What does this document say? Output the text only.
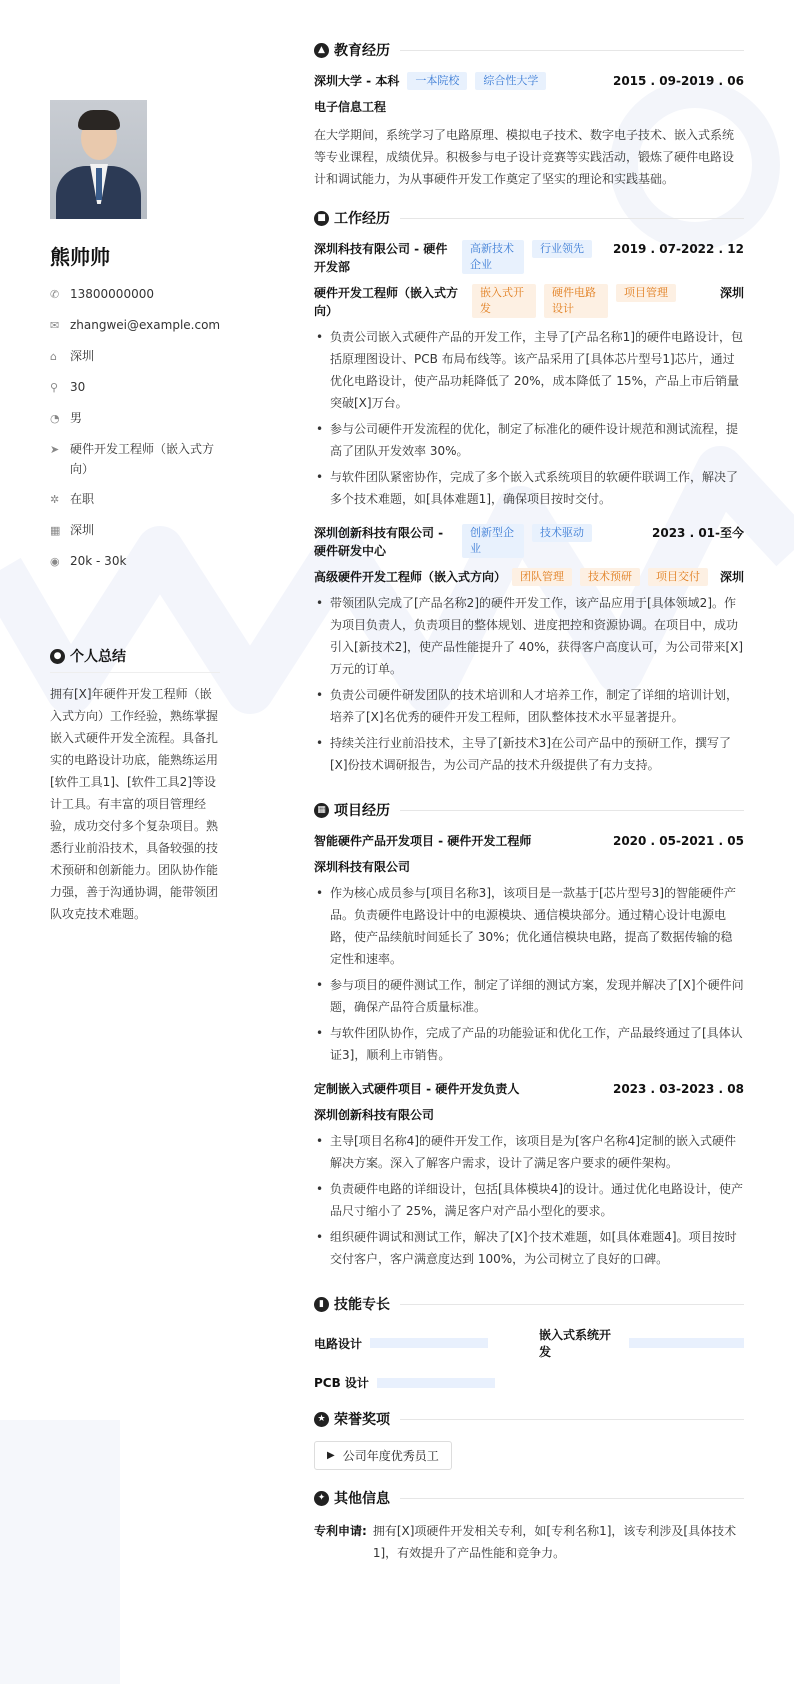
熊帅帅
✆ 13800000000
✉ zhangwei@example.com
⌂	深圳
⚲ 30
◔ 男
➤ 硬件开发工程师（嵌入式方向）
✲ 在职
▦ 深圳
◉ 20k - 30k
● 个人总结
拥有[X]年硬件开发工程师（嵌入式方向）工作经验，熟练掌握嵌入式硬件开发全流程。具备扎实的电路设计功底，能熟练运用[软件工具1]、[软件工具2]等设计工具。有丰富的项目管理经验，成功交付多个复杂项目。熟悉行业前沿技术，具备较强的技术预研和创新能力。团队协作能力强，善于沟通协调，能带领团队攻克技术难题。
▲ 教育经历
深圳大学 - 本科	一本院校	综合性大学	2015 . 09-2019 . 06
电子信息工程
在大学期间，系统学习了电路原理、模拟电子技术、数字电子技术、嵌入式系统等专业课程，成绩优异。积极参与电子设计竞赛等实践活动，锻炼了硬件电路设计和调试能力，为从事硬件开发工作奠定了坚实的理论和实践基础。
■ 工作经历
深圳科技有限公司 - 硬件开发部
高新技术企业
行业领先	2019 . 07-2022 . 12
硬件开发工程师（嵌入式方向）
嵌入式开发
硬件电路设计
项目管理	深圳
• 负责公司嵌入式硬件产品的开发工作，主导了[产品名称1]的硬件电路设计，包括原理图设计、PCB 布局布线等。该产品采用了[具体芯片型号1]芯片，通过优化电路设计，使产品功耗降低了 20%，成本降低了 15%，产品上市后销量突破[X]万台。
• 参与公司硬件开发流程的优化，制定了标准化的硬件设计规范和测试流程，提高了团队开发效率 30%。
• 与软件团队紧密协作，完成了多个嵌入式系统项目的软硬件联调工作，解决了多个技术难题，如[具体难题1]，确保项目按时交付。
深圳创新科技有限公司 - 硬件研发中心
创新型企业
技术驱动	2023 . 01-至今
高级硬件开发工程师（嵌入式方向）	团队管理	技术预研	项目交付	深圳
• 带领团队完成了[产品名称2]的硬件开发工作，该产品应用于[具体领域2]。作为项目负责人，负责项目的整体规划、进度把控和资源协调。在项目中，成功引入[新技术2]，使产品性能提升了 40%，获得客户高度认可，为公司带来[X]万元的订单。
• 负责公司硬件研发团队的技术培训和人才培养工作，制定了详细的培训计划，培养了[X]名优秀的硬件开发工程师，团队整体技术水平显著提升。
• 持续关注行业前沿技术，主导了[新技术3]在公司产品中的预研工作，撰写了[X]份技术调研报告，为公司产品的技术升级提供了有力支持。
▦ 项目经历
智能硬件产品开发项目 - 硬件开发工程师	2020 . 05-2021 . 05
深圳科技有限公司
• 作为核心成员参与[项目名称3]，该项目是一款基于[芯片型号3]的智能硬件产品。负责硬件电路设计中的电源模块、通信模块部分。通过精心设计电源电路，使产品续航时间延长了 30%；优化通信模块电路，提高了数据传输的稳定性和速率。
• 参与项目的硬件测试工作，制定了详细的测试方案，发现并解决了[X]个硬件问题，确保产品符合质量标准。
• 与软件团队协作，完成了产品的功能验证和优化工作，产品最终通过了[具体认证3]，顺利上市销售。
定制嵌入式硬件项目 - 硬件开发负责人	2023 . 03-2023 . 08
深圳创新科技有限公司
• 主导[项目名称4]的硬件开发工作，该项目是为[客户名称4]定制的嵌入式硬件解决方案。深入了解客户需求，设计了满足客户要求的硬件架构。
• 负责硬件电路的详细设计，包括[具体模块4]的设计。通过优化电路设计，使产品尺寸缩小了 25%，满足客户对产品小型化的要求。
• 组织硬件调试和测试工作，解决了[X]个技术难题，如[具体难题4]。项目按时交付客户，客户满意度达到 100%，为公司树立了良好的口碑。
▮ 技能专长
电路设计
嵌入式系统开发
PCB 设计
★ 荣誉奖项
▶ 公司年度优秀员工
✦ 其他信息
专利申请: 拥有[X]项硬件开发相关专利，如[专利名称1]，该专利涉及[具体技术1]，有效提升了产品性能和竞争力。
